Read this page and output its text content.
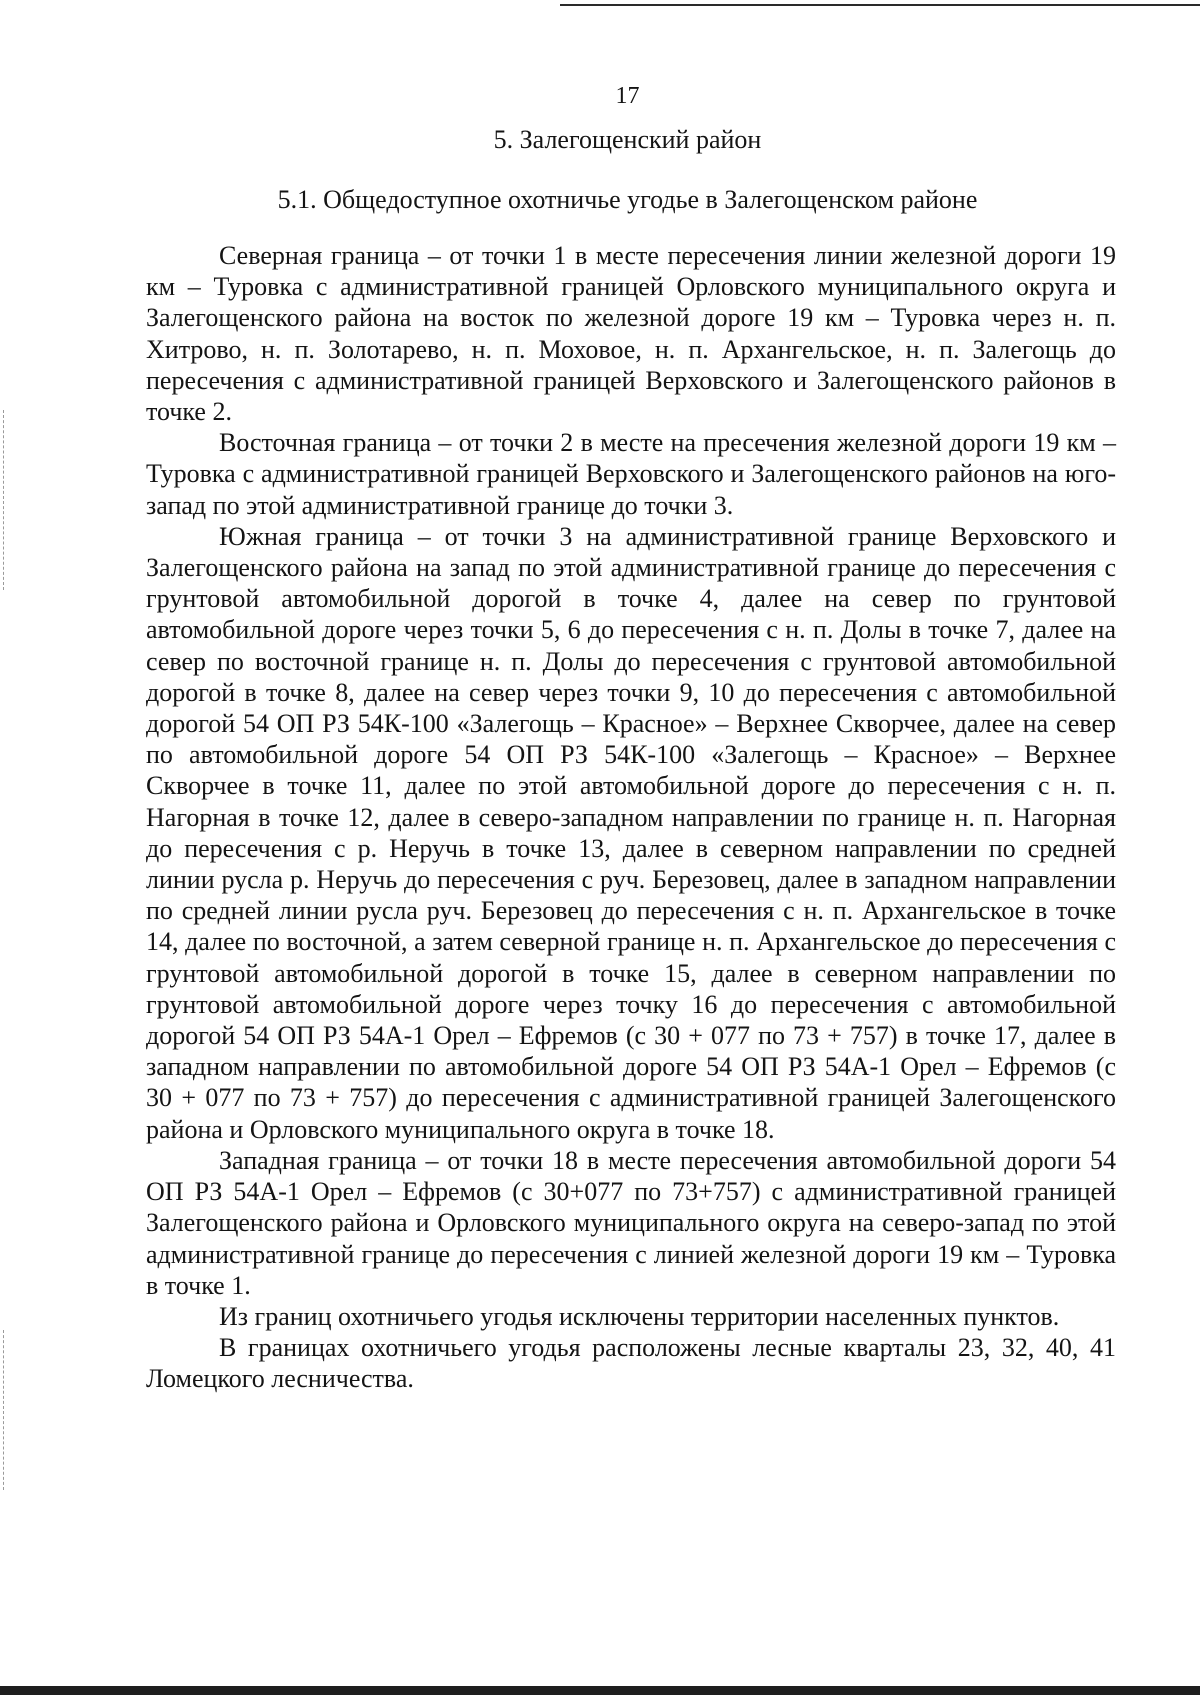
17
5. Залегощенский район
5.1. Общедоступное охотничье угодье в Залегощенском районе

Северная граница – от точки 1 в месте пересечения линии железной дороги 19 км – Туровка с административной границей Орловского муниципального округа и Залегощенского района на восток по железной дороге 19 км – Туровка через н. п. Хитрово, н. п. Золотарево, н. п. Моховое, н. п. Архангельское, н. п. Залегощь до пересечения с административной границей Верховского и Залегощенского районов в точке 2.

Восточная граница – от точки 2 в месте на пресечения железной дороги 19 км – Туровка с административной границей Верховского и Залегощенского районов на юго-запад по этой административной границе до точки 3.

Южная граница – от точки 3 на административной границе Верховского и Залегощенского района на запад по этой административной границе до пересечения с грунтовой автомобильной дорогой в точке 4, далее на север по грунтовой автомобильной дороге через точки 5, 6 до пересечения с н. п. Долы в точке 7, далее на север по восточной границе н. п. Долы до пересечения с грунтовой автомобильной дорогой в точке 8, далее на север через точки 9, 10 до пересечения с автомобильной дорогой 54 ОП РЗ 54К-100 «Залегощь – Красное» – Верхнее Скворчее, далее на север по автомобильной дороге 54 ОП РЗ 54К-100 «Залегощь – Красное» – Верхнее Скворчее в точке 11, далее по этой автомобильной дороге до пересечения с н. п. Нагорная в точке 12, далее в северо-западном направлении по границе н. п. Нагорная до пересечения с р. Неручь в точке 13, далее в северном направлении по средней линии русла р. Неручь до пересечения с руч. Березовец, далее в западном направлении по средней линии русла руч. Березовец до пересечения с н. п. Архангельское в точке 14, далее по восточной, а затем северной границе н. п. Архангельское до пересечения с грунтовой автомобильной дорогой в точке 15, далее в северном направлении по грунтовой автомобильной дороге через точку 16 до пересечения с автомобильной дорогой 54 ОП РЗ 54А-1 Орел – Ефремов (с 30 + 077 по 73 + 757) в точке 17, далее в западном направлении по автомобильной дороге 54 ОП РЗ 54А-1 Орел – Ефремов (с 30 + 077 по 73 + 757) до пересечения с административной границей Залегощенского района и Орловского муниципального округа в точке 18.

Западная граница – от точки 18 в месте пересечения автомобильной дороги 54 ОП РЗ 54А-1 Орел – Ефремов (с 30+077 по 73+757) с административной границей Залегощенского района и Орловского муниципального округа на северо-запад по этой административной границе до пересечения с линией железной дороги 19 км – Туровка в точке 1.

Из границ охотничьего угодья исключены территории населенных пунктов.

В границах охотничьего угодья расположены лесные кварталы 23, 32, 40, 41 Ломецкого лесничества.
